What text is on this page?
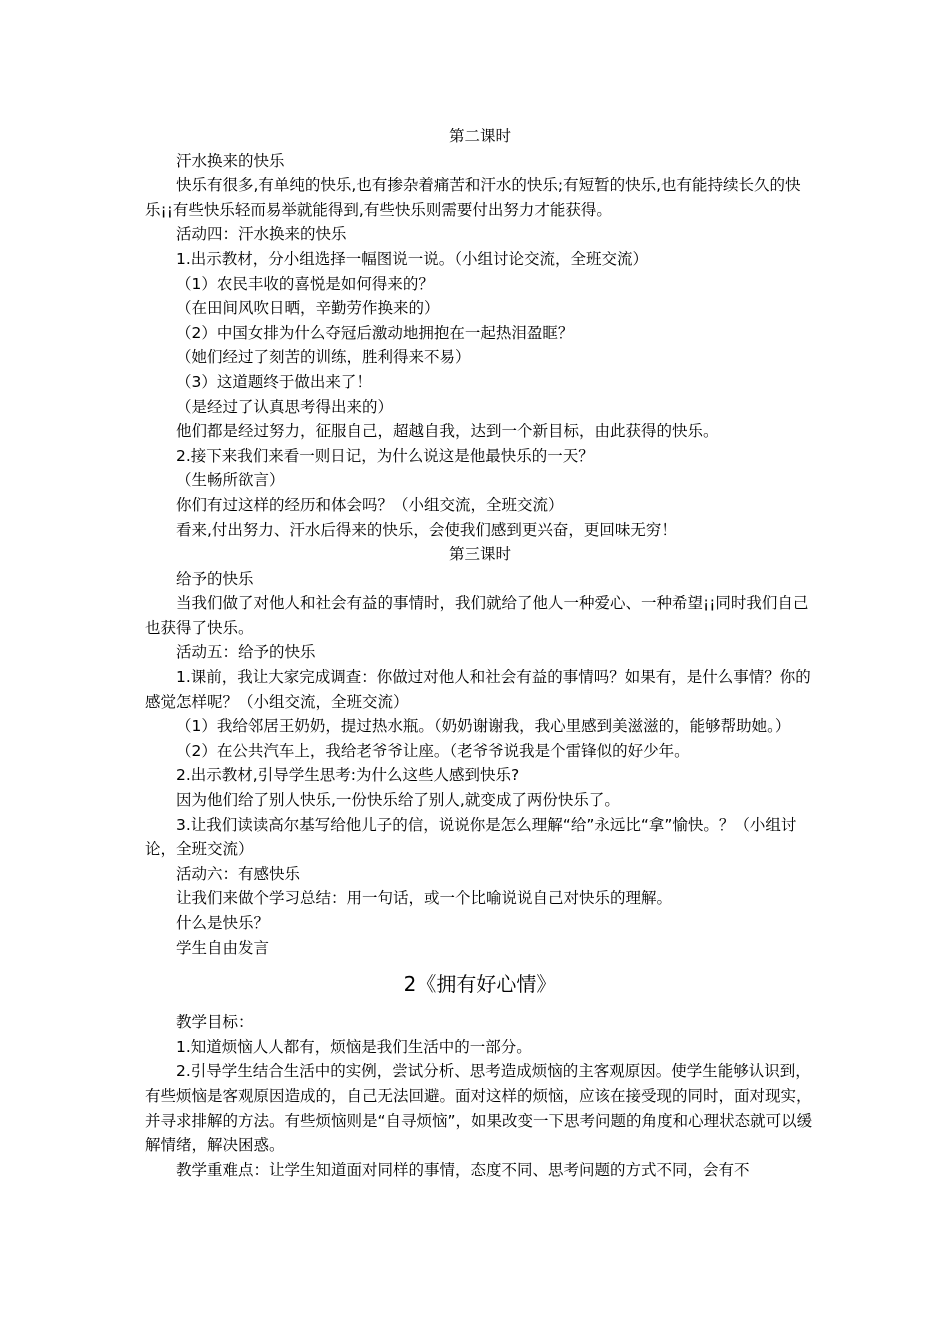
第二课时

汗水换来的快乐

快乐有很多,有单纯的快乐,也有掺杂着痛苦和汗水的快乐;有短暂的快乐,也有能持续长久的快乐¡¡有些快乐轻而易举就能得到,有些快乐则需要付出努力才能获得。

活动四：汗水换来的快乐

1.出示教材，分小组选择一幅图说一说。（小组讨论交流，全班交流）

（1）农民丰收的喜悦是如何得来的？

（在田间风吹日晒，辛勤劳作换来的）

（2）中国女排为什么夺冠后激动地拥抱在一起热泪盈眶？

（她们经过了刻苦的训练，胜利得来不易）

（3）这道题终于做出来了！

（是经过了认真思考得出来的）

他们都是经过努力，征服自己，超越自我，达到一个新目标，由此获得的快乐。

2.接下来我们来看一则日记，为什么说这是他最快乐的一天？

（生畅所欲言）

你们有过这样的经历和体会吗？（小组交流，全班交流）

看来,付出努力、汗水后得来的快乐，会使我们感到更兴奋，更回味无穷！

第三课时

给予的快乐

当我们做了对他人和社会有益的事情时，我们就给了他人一种爱心、一种希望¡¡同时我们自己也获得了快乐。

活动五：给予的快乐

1.课前，我让大家完成调查：你做过对他人和社会有益的事情吗？如果有，是什么事情？你的感觉怎样呢？（小组交流，全班交流）

（1）我给邻居王奶奶，提过热水瓶。（奶奶谢谢我，我心里感到美滋滋的，能够帮助她。）

（2）在公共汽车上，我给老爷爷让座。（老爷爷说我是个雷锋似的好少年。

2.出示教材,引导学生思考:为什么这些人感到快乐?

因为他们给了别人快乐,一份快乐给了别人,就变成了两份快乐了。

3.让我们读读高尔基写给他儿子的信，说说你是怎么理解“给”永远比“拿”愉快。？（小组讨论，全班交流）

活动六：有感快乐

让我们来做个学习总结：用一句话，或一个比喻说说自己对快乐的理解。

什么是快乐？

学生自由发言

2《拥有好心情》

教学目标：

1.知道烦恼人人都有，烦恼是我们生活中的一部分。

2.引导学生结合生活中的实例，尝试分析、思考造成烦恼的主客观原因。使学生能够认识到，有些烦恼是客观原因造成的，自己无法回避。面对这样的烦恼，应该在接受现的同时，面对现实，并寻求排解的方法。有些烦恼则是“自寻烦恼”，如果改变一下思考问题的角度和心理状态就可以缓解情绪，解决困惑。

教学重难点：让学生知道面对同样的事情，态度不同、思考问题的方式不同，会有不
